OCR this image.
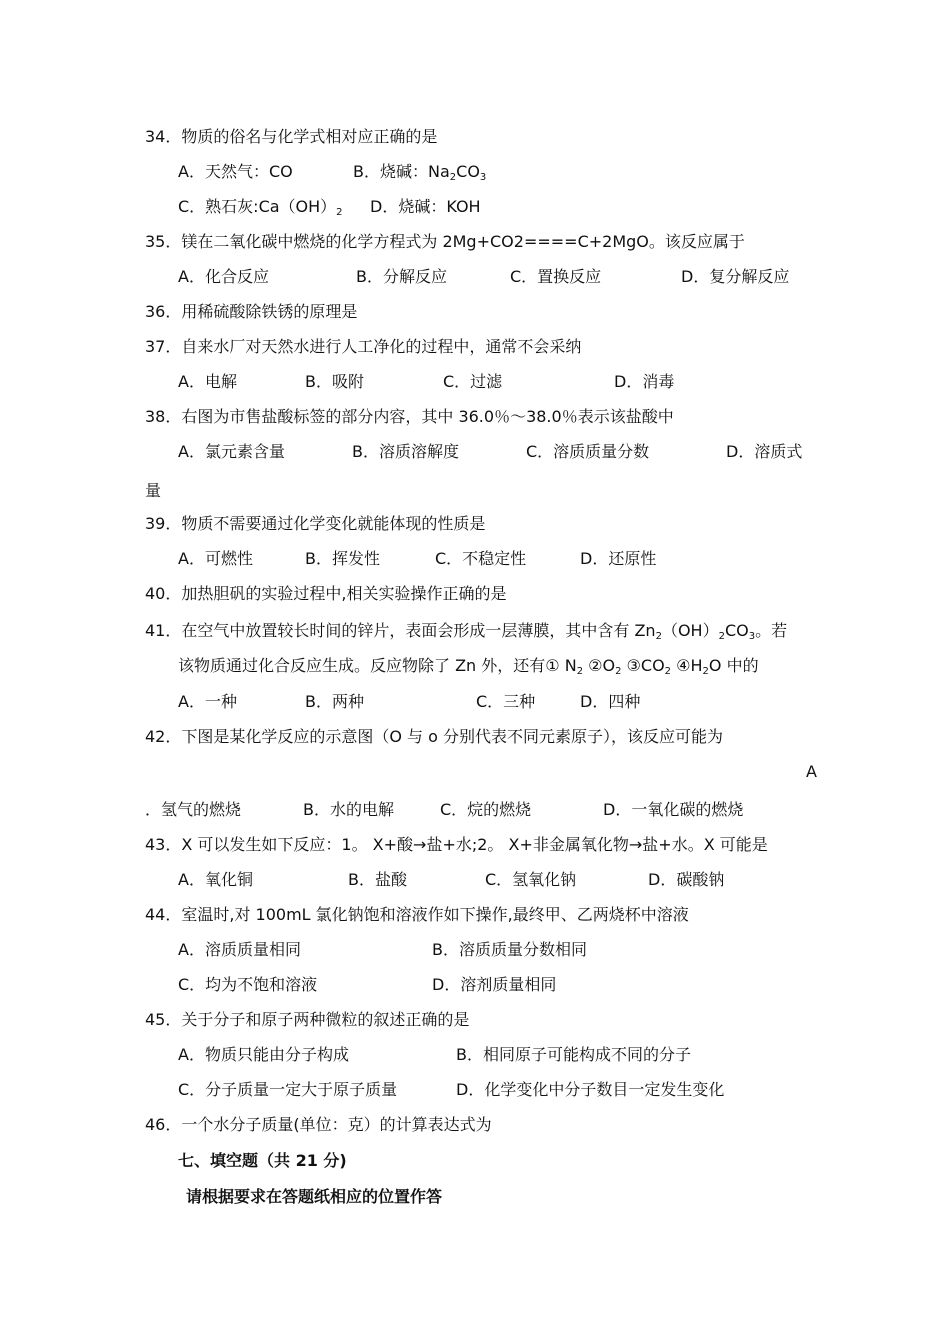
34．物质的俗名与化学式相对应正确的是
A．天然气：CO	B．烧碱：$Na_2CO_3$
C．熟石灰$:Ca(OH)_2$ D．烧碱：KOH
35．镁在二氧化碳中燃烧的化学方程式为 2Mg+CO2====C+2MgO。该反应属于
A．化合反应	B．分解反应	C．置换反应	D．复分解反应
36．用稀硫酸除铁锈的原理是
37．自来水厂对天然水进行人工净化的过程中，通常不会采纳
A．电解	B．吸附	C．过滤	D．消毒
38．右图为市售盐酸标签的部分内容，其中 36.0％～38.0％表示该盐酸中
A．氯元素含量	B．溶质溶解度	C．溶质质量分数	D．溶质式
量
39．物质不需要通过化学变化就能体现的性质是
A．可燃性	B．挥发性	C．不稳定性	D．还原性
40．加热胆矾的实验过程中,相关实验操作正确的是
41．在空气中放置较长时间的锌片，表面会形成一层薄膜，其中含有 $Zn_2(OH)_2CO_3$。若
该物质通过化合反应生成。反应物除了 Zn 外，还有① $N_2$ $②O_2$ $③CO_2$ $④H_2O$ 中的
A．一种	B．两种	C．三种	D．四种
42．下图是某化学反应的示意图（O 与 o 分别代表不同元素原子），该反应可能为
A
．氢气的燃烧	B．水的电解	C．烷的燃烧	D．一氧化碳的燃烧
43．X 可以发生如下反应：1。 X+酸→盐+水;2。 X+非金属氧化物→盐+水。X 可能是
A．氧化铜	B．盐酸	C．氢氧化钠	D．碳酸钠
44．室温时,对 100mL 氯化钠饱和溶液作如下操作,最终甲、乙两烧杯中溶液
A．溶质质量相同	B．溶质质量分数相同
C．均为不饱和溶液	D．溶剂质量相同
45．关于分子和原子两种微粒的叙述正确的是
A．物质只能由分子构成	B．相同原子可能构成不同的分子
C．分子质量一定大于原子质量	D．化学变化中分子数目一定发生变化
46．一个水分子质量(单位：克）的计算表达式为
七、填空题（共 21 分)
请根据要求在答题纸相应的位置作答
